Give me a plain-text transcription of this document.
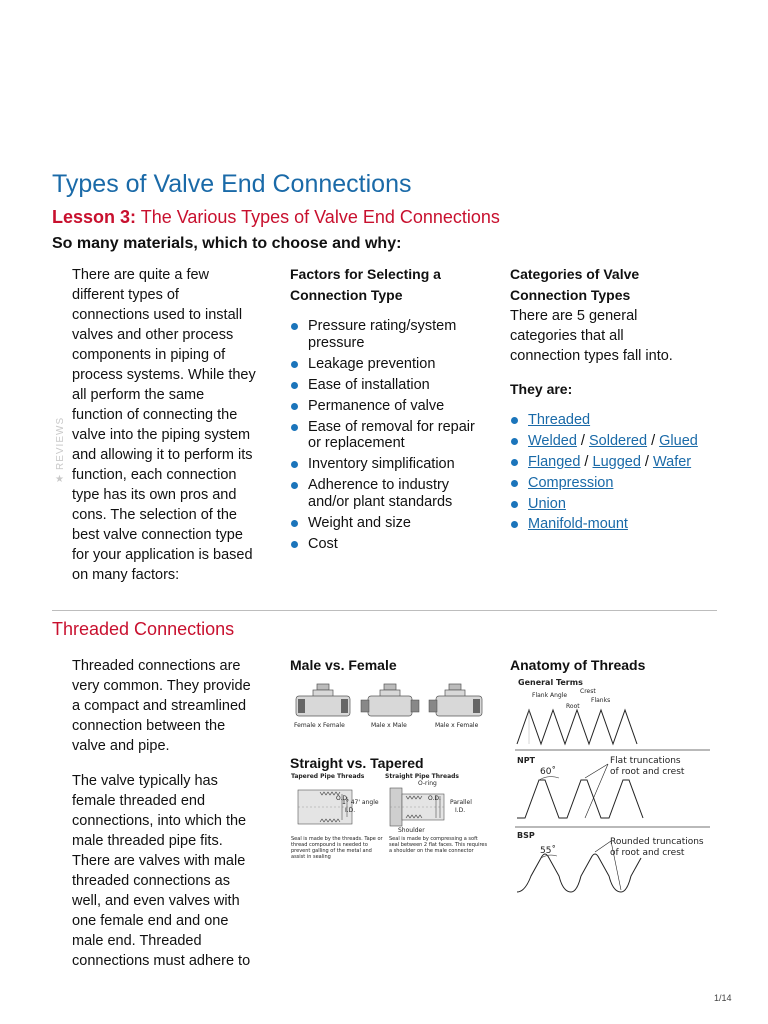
Types of Valve End Connections
Lesson 3: The Various Types of Valve End Connections
So many materials, which to choose and why:
There are quite a few
different types of
connections used to install
valves and other process
components in piping of
process systems. While they
all perform the same
function of connecting the
valve into the piping system
and allowing it to perform its
function, each connection
type has its own pros and
cons. The selection of the
best valve connection type
for your application is based
on many factors:
REVIEWS
★
Factors for Selecting a
Connection Type
Pressure rating/system pressure
Leakage prevention
Ease of installation
Permanence of valve
Ease of removal for repair or replacement
Inventory simplification
Adherence to industry and/or plant standards
Weight and size
Cost
Categories of Valve
Connection Types
There are 5 general
categories that all
connection types fall into.
They are:
Threaded
Welded / Soldered / Glued
Flanged / Lugged / Wafer
Compression
Union
Manifold-mount
Threaded Connections
Threaded connections are
very common. They provide
a compact and streamlined
connection between the
valve and pipe.
The valve typically has
female threaded end
connections, into which the
male threaded pipe fits.
There are valves with male
threaded connections as
well, and even valves with
one female end and one
male end. Threaded
connections must adhere to
Male vs. Female
Female x Female	Male x Male	Male x Female
Straight vs. Tapered
Tapered Pipe Threads	Straight Pipe Threads
O-ring
O.D.
1° 47' angle
I.D.
O.D.
Parallel
I.D.
Shoulder
Seal is made by the threads. Tape or thread compound is needed to prevent galling of the metal and assist in sealing
Seal is made by compressing a soft seal between 2 flat faces. This requires a shoulder on the male connector
Anatomy of Threads
General Terms
Flank Angle
Crest
Flanks
Root
NPT
60˚
Flat truncations
of root and crest
BSP
55˚
Rounded truncations
of root and crest
1/14
